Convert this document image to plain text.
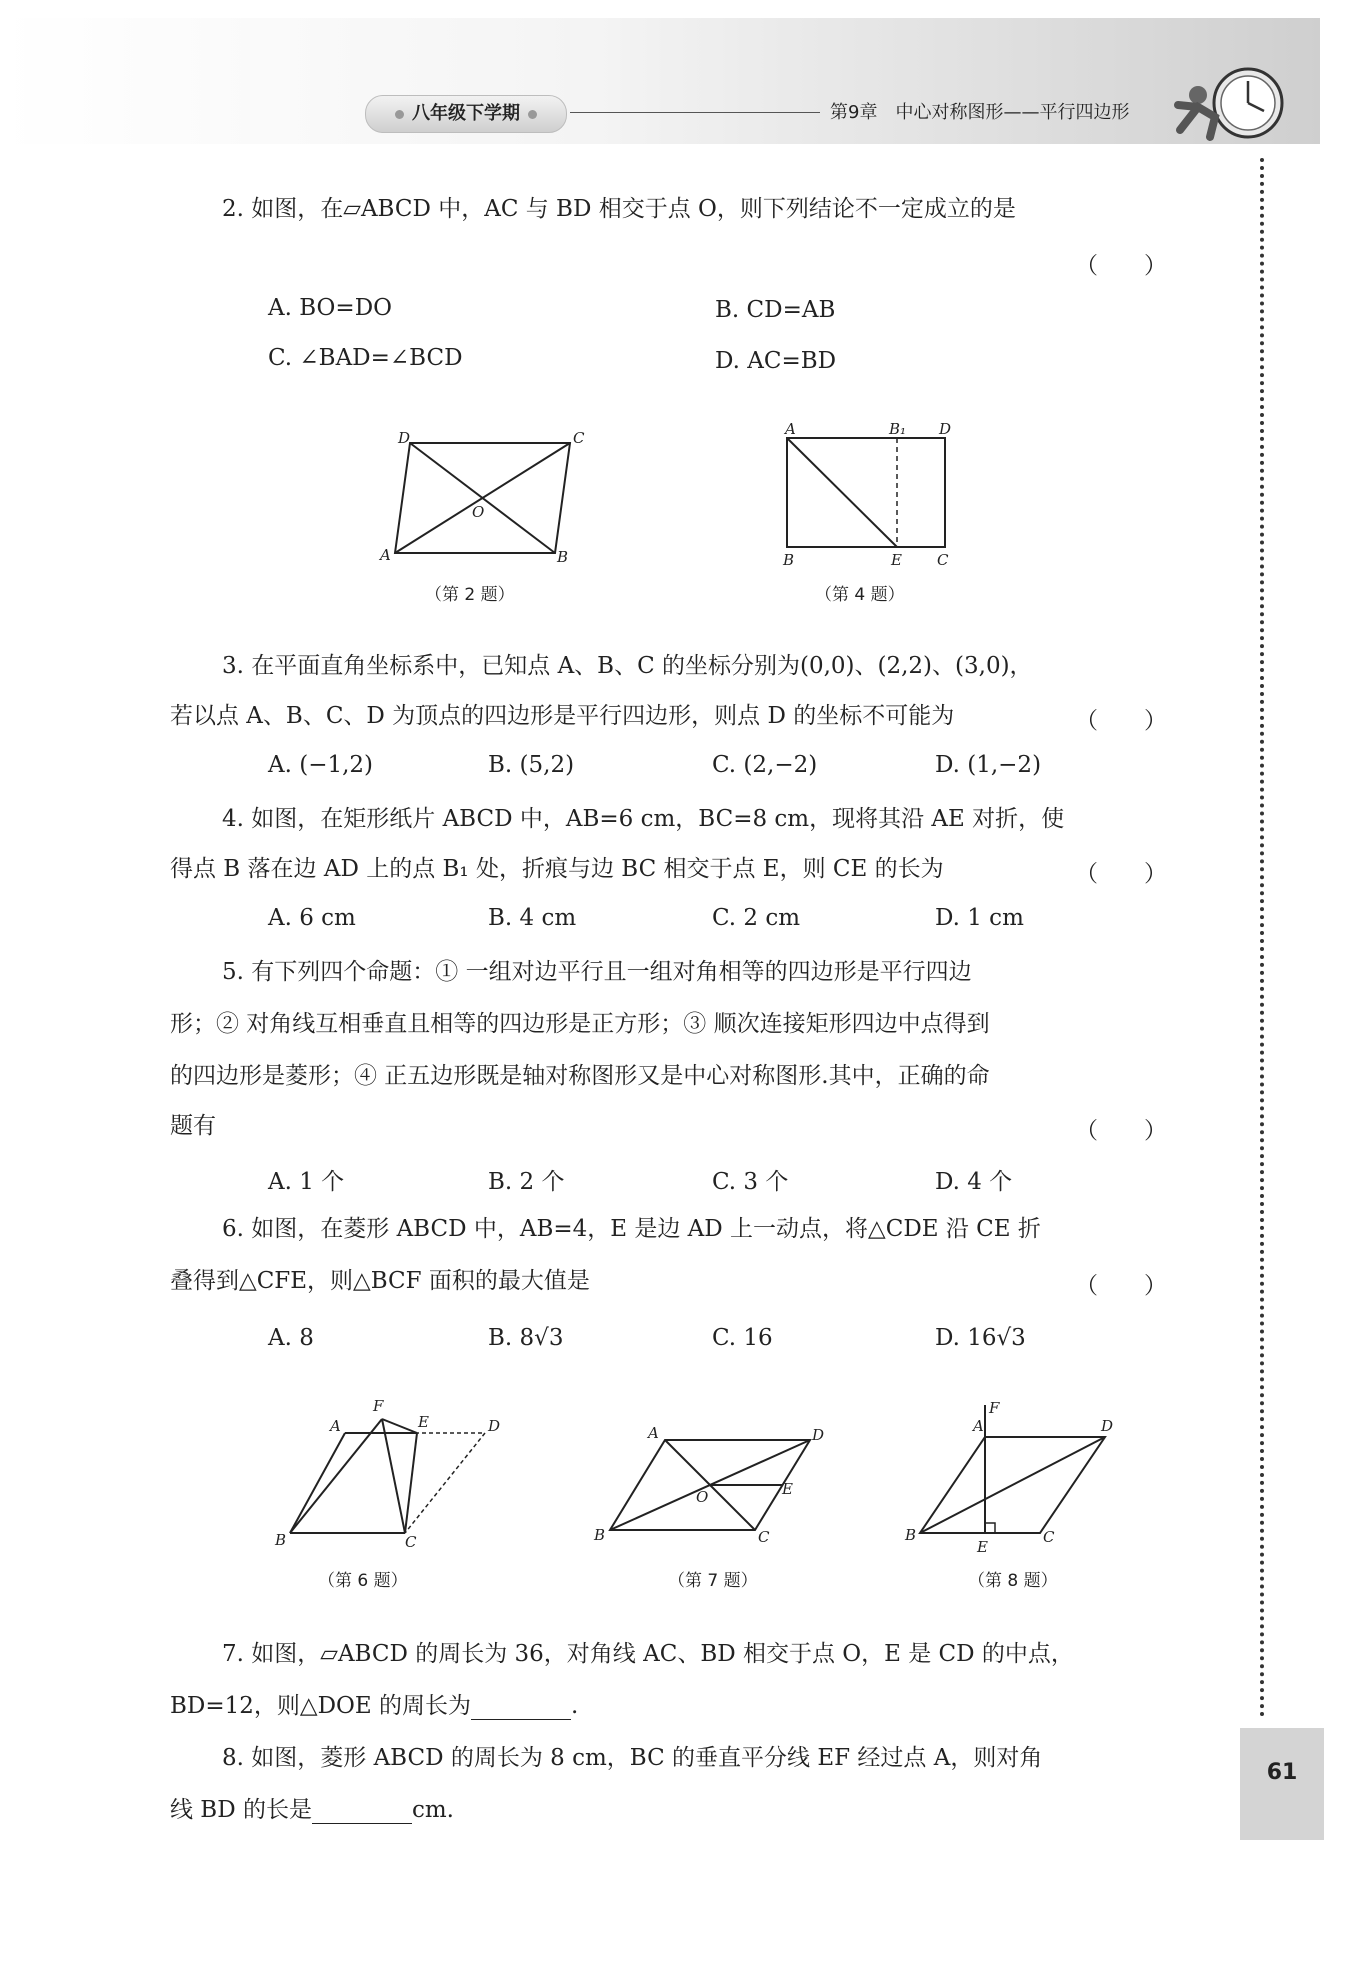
八年级下学期	第9章　中心对称图形——平行四边形
61
2. 如图，在▱ABCD 中，AC 与 BD 相交于点 O，则下列结论不一定成立的是
（　　）
A. BO=DO	B. CD=AB
C. ∠BAD=∠BCD	D. AC=BD
D	C
A	B
O
（第 2 题）
A	B₁ D
B	E C
（第 4 题）
3. 在平面直角坐标系中，已知点 A、B、C 的坐标分别为(0,0)、(2,2)、(3,0)，
若以点 A、B、C、D 为顶点的四边形是平行四边形，则点 D 的坐标不可能为	（　　）
A. (−1,2)	B. (5,2)	C. (2,−2)	D. (1,−2)
4. 如图，在矩形纸片 ABCD 中，AB=6 cm，BC=8 cm，现将其沿 AE 对折，使
得点 B 落在边 AD 上的点 B₁ 处，折痕与边 BC 相交于点 E，则 CE 的长为	（　　）
A. 6 cm	B. 4 cm	C. 2 cm	D. 1 cm
5. 有下列四个命题：① 一组对边平行且一组对角相等的四边形是平行四边
形；② 对角线互相垂直且相等的四边形是正方形；③ 顺次连接矩形四边中点得到
的四边形是菱形；④ 正五边形既是轴对称图形又是中心对称图形.其中，正确的命
题有	（　　）
A. 1 个	B. 2 个	C. 3 个	D. 4 个
6. 如图，在菱形 ABCD 中，AB=4，E 是边 AD 上一动点，将△CDE 沿 CE 折
叠得到△CFE，则△BCF 面积的最大值是	（　　）
A. 8	B. 8√3	C. 16	D. 16√3
F
A	E	D
B	C
（第 6 题）
A	D
O	E
B	C
（第 7 题）
F
A	D
B
E
C
（第 8 题）
7. 如图，▱ABCD 的周长为 36，对角线 AC、BD 相交于点 O，E 是 CD 的中点，
BD=12，则△DOE 的周长为	.
8. 如图，菱形 ABCD 的周长为 8 cm，BC 的垂直平分线 EF 经过点 A，则对角
线 BD 的长是	cm.
